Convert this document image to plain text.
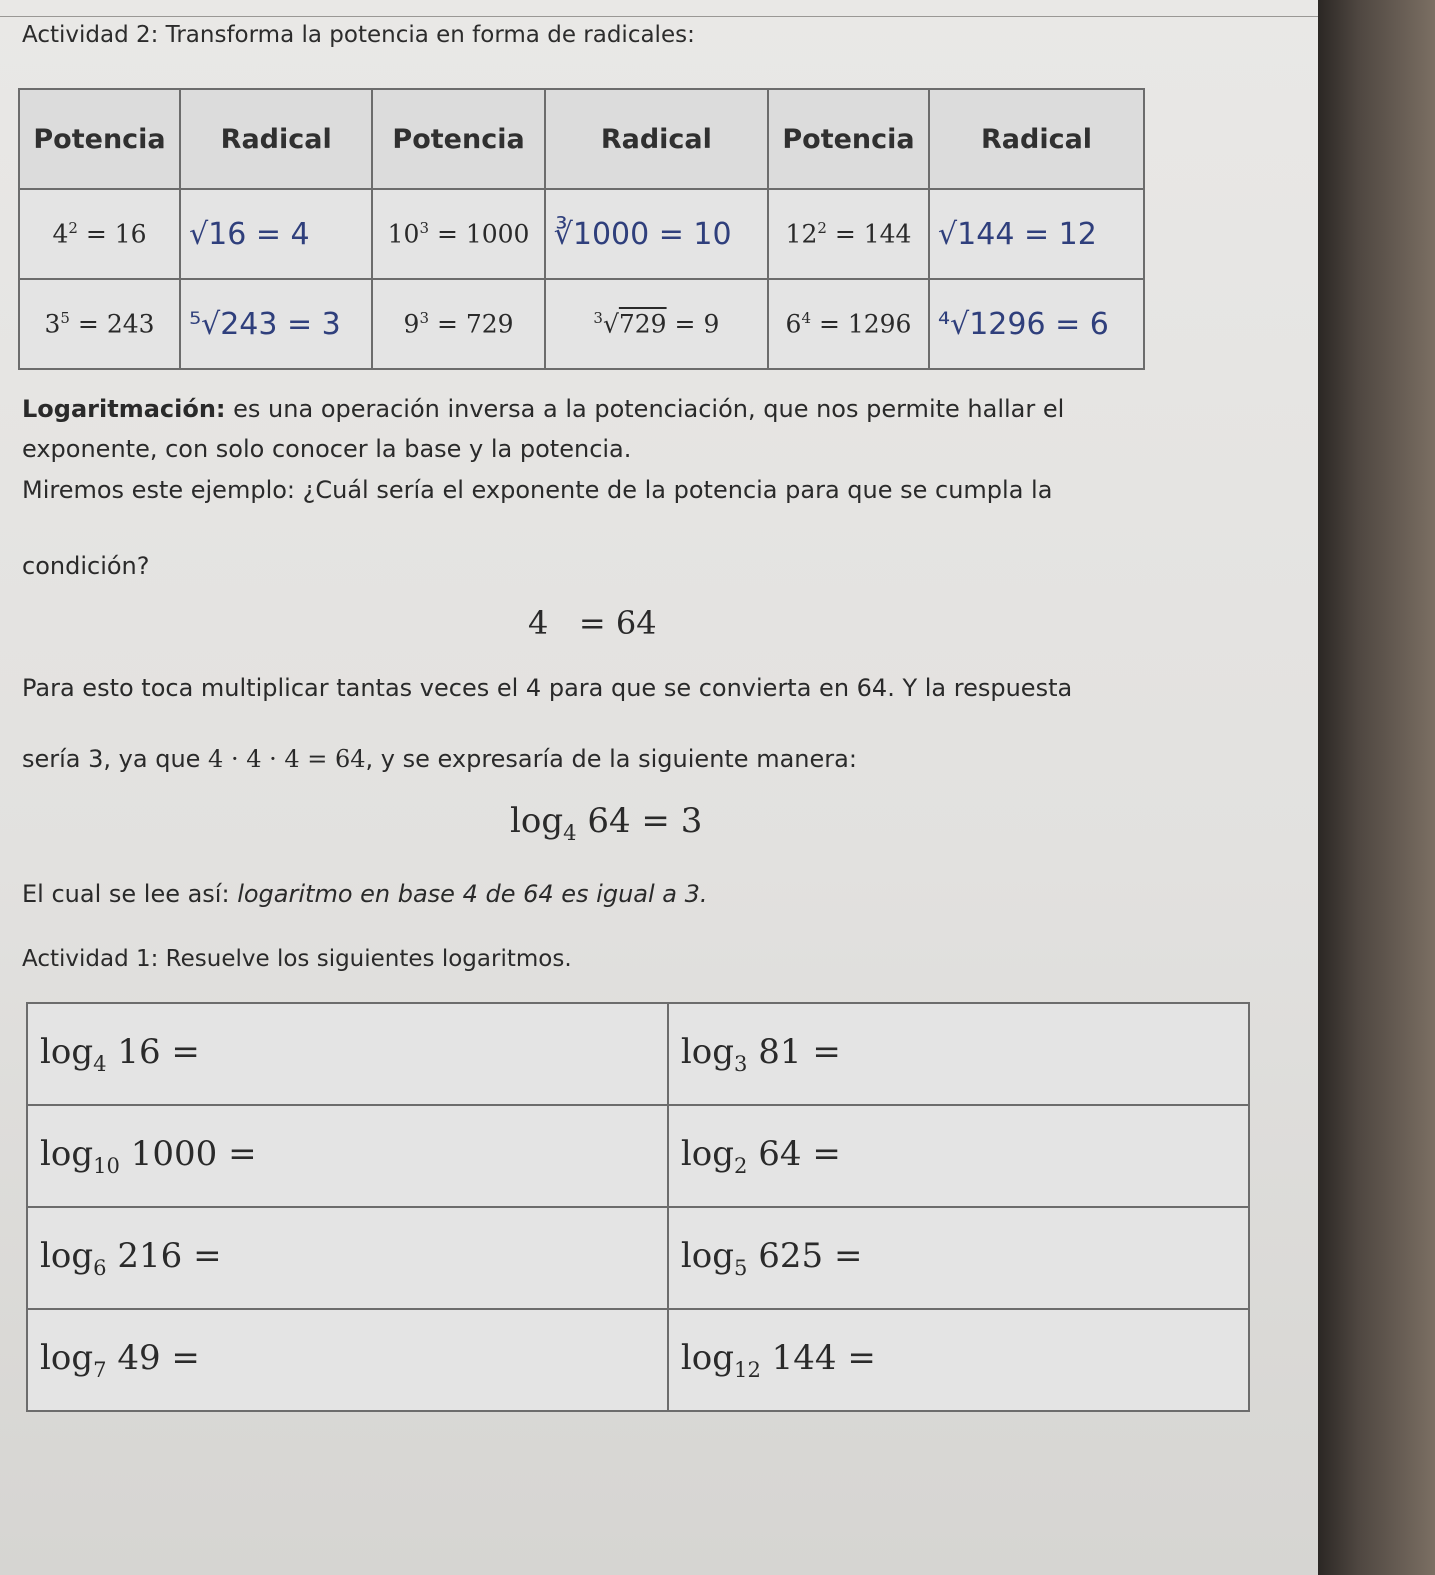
Actividad 2: Transforma la potencia en forma de radicales:
Potencia	Radical	Potencia	Radical	Potencia	Radical
$4^2 = 16$	√16 = 4	$10^3 = 1000$	∛1000 = 10	$12^2 = 144$	√144 = 12
$3^5 = 243$	⁵√243 = 3	$9^3 = 729$	$^3$√729 = 9	$6^4 = 1296$	⁴√1296 = 6
Logaritmación: es una operación inversa a la potenciación, que nos permite hallar el
exponente, con solo conocer la base y la potencia.
Miremos este ejemplo: ¿Cuál sería el exponente de la potencia para que se cumpla la
condición?
4 = 64
Para esto toca multiplicar tantas veces el 4 para que se convierta en 64. Y la respuesta
sería 3, ya que 4 · 4 · 4 = 64, y se expresaría de la siguiente manera:
$\log_4 64 = 3$
El cual se lee así: logaritmo en base 4 de 64 es igual a 3.
Actividad 1: Resuelve los siguientes logaritmos.
$\log_4 16$ =	$\log_3 81$ =
$\log_{10} 1000$ =	$\log_2 64$ =
$\log_6 216$ =	$\log_5 625$ =
$\log_7 49$ =	$\log_{12} 144$ =
